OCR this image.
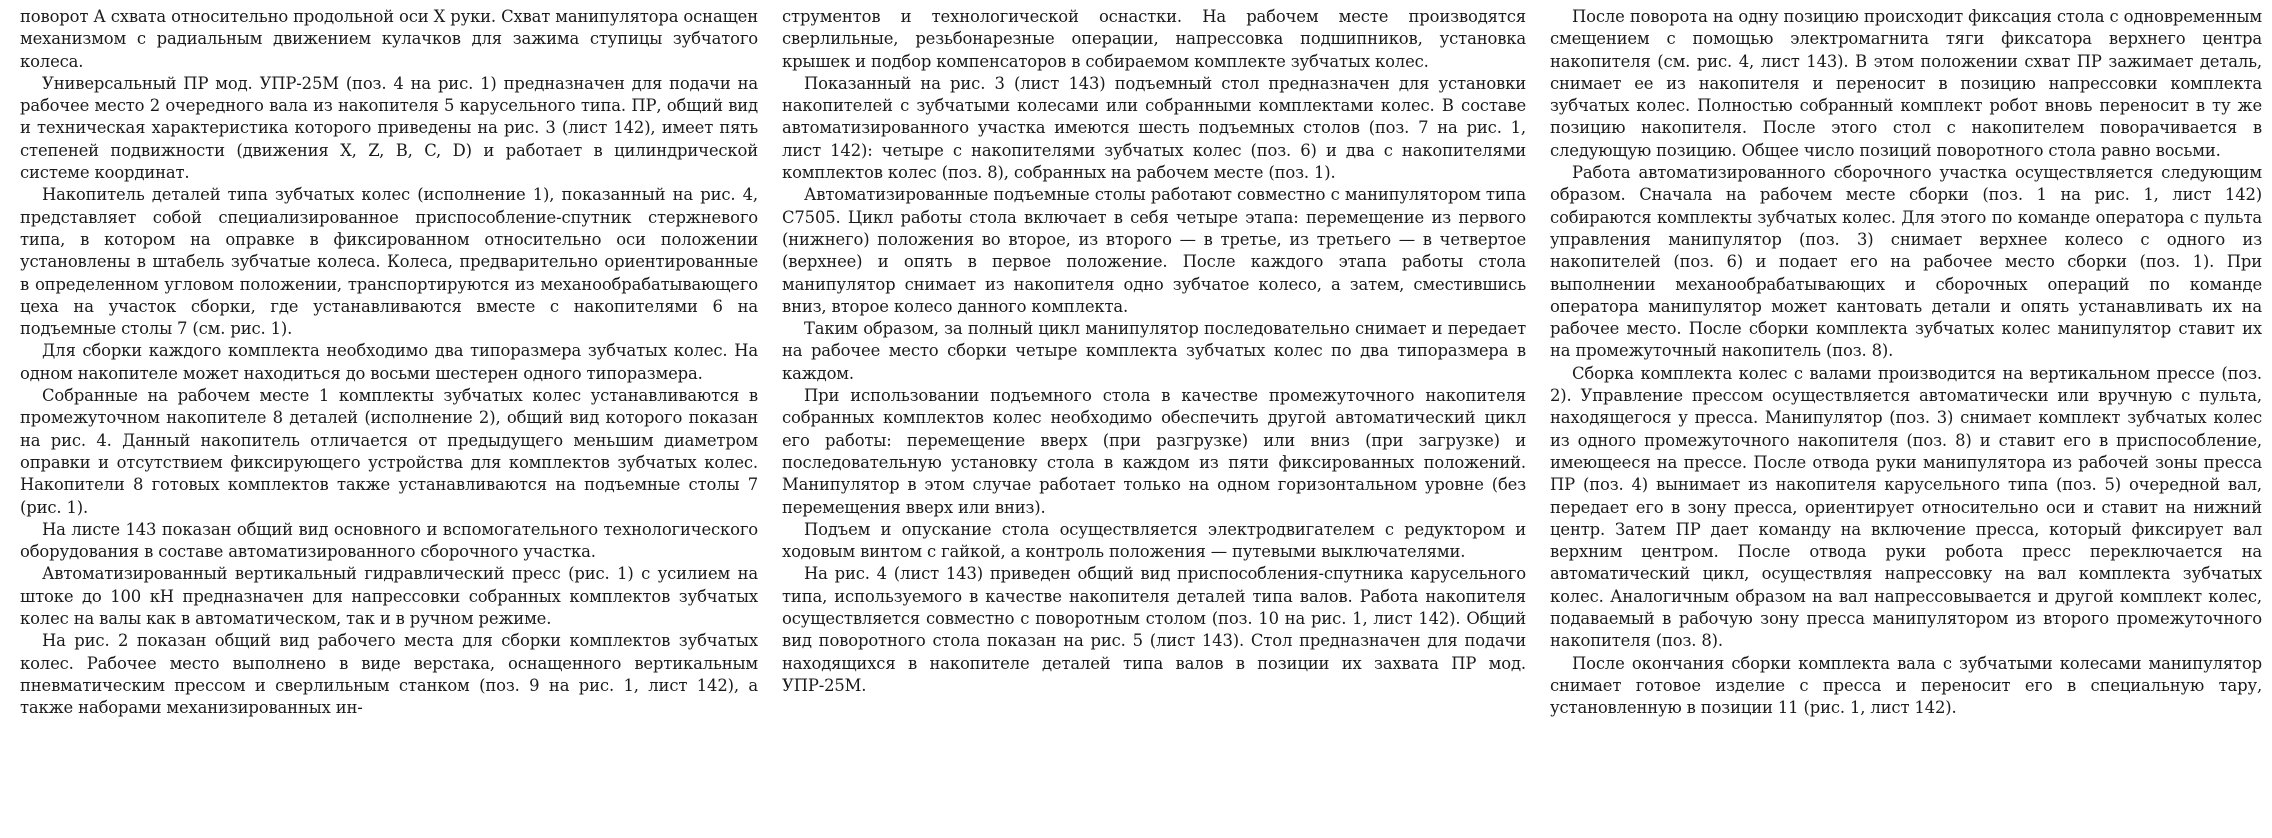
поворот А схвата относительно продольной оси X руки. Схват манипулятора оснащен механизмом с радиальным движением кулачков для зажима ступицы зубчатого колеса.

Универсальный ПР мод. УПР-25М (поз. 4 на рис. 1) предназначен для подачи на рабочее место 2 очередного вала из накопителя 5 карусельного типа. ПР, общий вид и техническая характеристика которого приведены на рис. 3 (лист 142), имеет пять степеней подвижности (движения X, Z, B, C, D) и работает в цилиндрической системе координат.

Накопитель деталей типа зубчатых колес (исполнение 1), показанный на рис. 4, представляет собой специализированное приспособление-спутник стержневого типа, в котором на оправке в фиксированном относительно оси положении установлены в штабель зубчатые колеса. Колеса, предварительно ориентированные в определенном угловом положении, транспортируются из механообрабатывающего цеха на участок сборки, где устанавливаются вместе с накопителями 6 на подъемные столы 7 (см. рис. 1).

Для сборки каждого комплекта необходимо два типоразмера зубчатых колес. На одном накопителе может находиться до восьми шестерен одного типоразмера.

Собранные на рабочем месте 1 комплекты зубчатых колес устанавливаются в промежуточном накопителе 8 деталей (исполнение 2), общий вид которого показан на рис. 4. Данный накопитель отличается от предыдущего меньшим диаметром оправки и отсутствием фиксирующего устройства для комплектов зубчатых колес. Накопители 8 готовых комплектов также устанавливаются на подъемные столы 7 (рис. 1).

На листе 143 показан общий вид основного и вспомогательного технологического оборудования в составе автоматизированного сборочного участка.

Автоматизированный вертикальный гидравлический пресс (рис. 1) с усилием на штоке до 100 кН предназначен для напрессовки собранных комплектов зубчатых колес на валы как в автоматическом, так и в ручном режиме.

На рис. 2 показан общий вид рабочего места для сборки комплектов зубчатых колес. Рабочее место выполнено в виде верстака, оснащенного вертикальным пневматическим прессом и сверлильным станком (поз. 9 на рис. 1, лист 142), а также наборами механизированных ин-

струментов и технологической оснастки. На рабочем месте производятся сверлильные, резьбонарезные операции, напрессовка подшипников, установка крышек и подбор компенсаторов в собираемом комплекте зубчатых колес.

Показанный на рис. 3 (лист 143) подъемный стол предназначен для установки накопителей с зубчатыми колесами или собранными комплектами колес. В составе автоматизированного участка имеются шесть подъемных столов (поз. 7 на рис. 1, лист 142): четыре с накопителями зубчатых колес (поз. 6) и два с накопителями комплектов колес (поз. 8), собранных на рабочем месте (поз. 1).

Автоматизированные подъемные столы работают совместно с манипулятором типа С7505. Цикл работы стола включает в себя четыре этапа: перемещение из первого (нижнего) положения во второе, из второго — в третье, из третьего — в четвертое (верхнее) и опять в первое положение. После каждого этапа работы стола манипулятор снимает из накопителя одно зубчатое колесо, а затем, сместившись вниз, второе колесо данного комплекта.

Таким образом, за полный цикл манипулятор последовательно снимает и передает на рабочее место сборки четыре комплекта зубчатых колес по два типоразмера в каждом.

При использовании подъемного стола в качестве промежуточного накопителя собранных комплектов колес необходимо обеспечить другой автоматический цикл его работы: перемещение вверх (при разгрузке) или вниз (при загрузке) и последовательную установку стола в каждом из пяти фиксированных положений. Манипулятор в этом случае работает только на одном горизонтальном уровне (без перемещения вверх или вниз).

Подъем и опускание стола осуществляется электродвигателем с редуктором и ходовым винтом с гайкой, а контроль положения — путевыми выключателями.

На рис. 4 (лист 143) приведен общий вид приспособления-спутника карусельного типа, используемого в качестве накопителя деталей типа валов. Работа накопителя осуществляется совместно с поворотным столом (поз. 10 на рис. 1, лист 142). Общий вид поворотного стола показан на рис. 5 (лист 143). Стол предназначен для подачи находящихся в накопителе деталей типа валов в позиции их захвата ПР мод. УПР-25М.

После поворота на одну позицию происходит фиксация стола с одновременным смещением с помощью электромагнита тяги фиксатора верхнего центра накопителя (см. рис. 4, лист 143). В этом положении схват ПР зажимает деталь, снимает ее из накопителя и переносит в позицию напрессовки комплекта зубчатых колес. Полностью собранный комплект робот вновь переносит в ту же позицию накопителя. После этого стол с накопителем поворачивается в следующую позицию. Общее число позиций поворотного стола равно восьми.

Работа автоматизированного сборочного участка осуществляется следующим образом. Сначала на рабочем месте сборки (поз. 1 на рис. 1, лист 142) собираются комплекты зубчатых колес. Для этого по команде оператора с пульта управления манипулятор (поз. 3) снимает верхнее колесо с одного из накопителей (поз. 6) и подает его на рабочее место сборки (поз. 1). При выполнении механообрабатывающих и сборочных операций по команде оператора манипулятор может кантовать детали и опять устанавливать их на рабочее место. После сборки комплекта зубчатых колес манипулятор ставит их на промежуточный накопитель (поз. 8).

Сборка комплекта колес с валами производится на вертикальном прессе (поз. 2). Управление прессом осуществляется автоматически или вручную с пульта, находящегося у пресса. Манипулятор (поз. 3) снимает комплект зубчатых колес из одного промежуточного накопителя (поз. 8) и ставит его в приспособление, имеющееся на прессе. После отвода руки манипулятора из рабочей зоны пресса ПР (поз. 4) вынимает из накопителя карусельного типа (поз. 5) очередной вал, передает его в зону пресса, ориентирует относительно оси и ставит на нижний центр. Затем ПР дает команду на включение пресса, который фиксирует вал верхним центром. После отвода руки робота пресс переключается на автоматический цикл, осуществляя напрессовку на вал комплекта зубчатых колес. Аналогичным образом на вал напрессовывается и другой комплект колес, подаваемый в рабочую зону пресса манипулятором из второго промежуточного накопителя (поз. 8).

После окончания сборки комплекта вала с зубчатыми колесами манипулятор снимает готовое изделие с пресса и переносит его в специальную тару, установленную в позиции 11 (рис. 1, лист 142).
